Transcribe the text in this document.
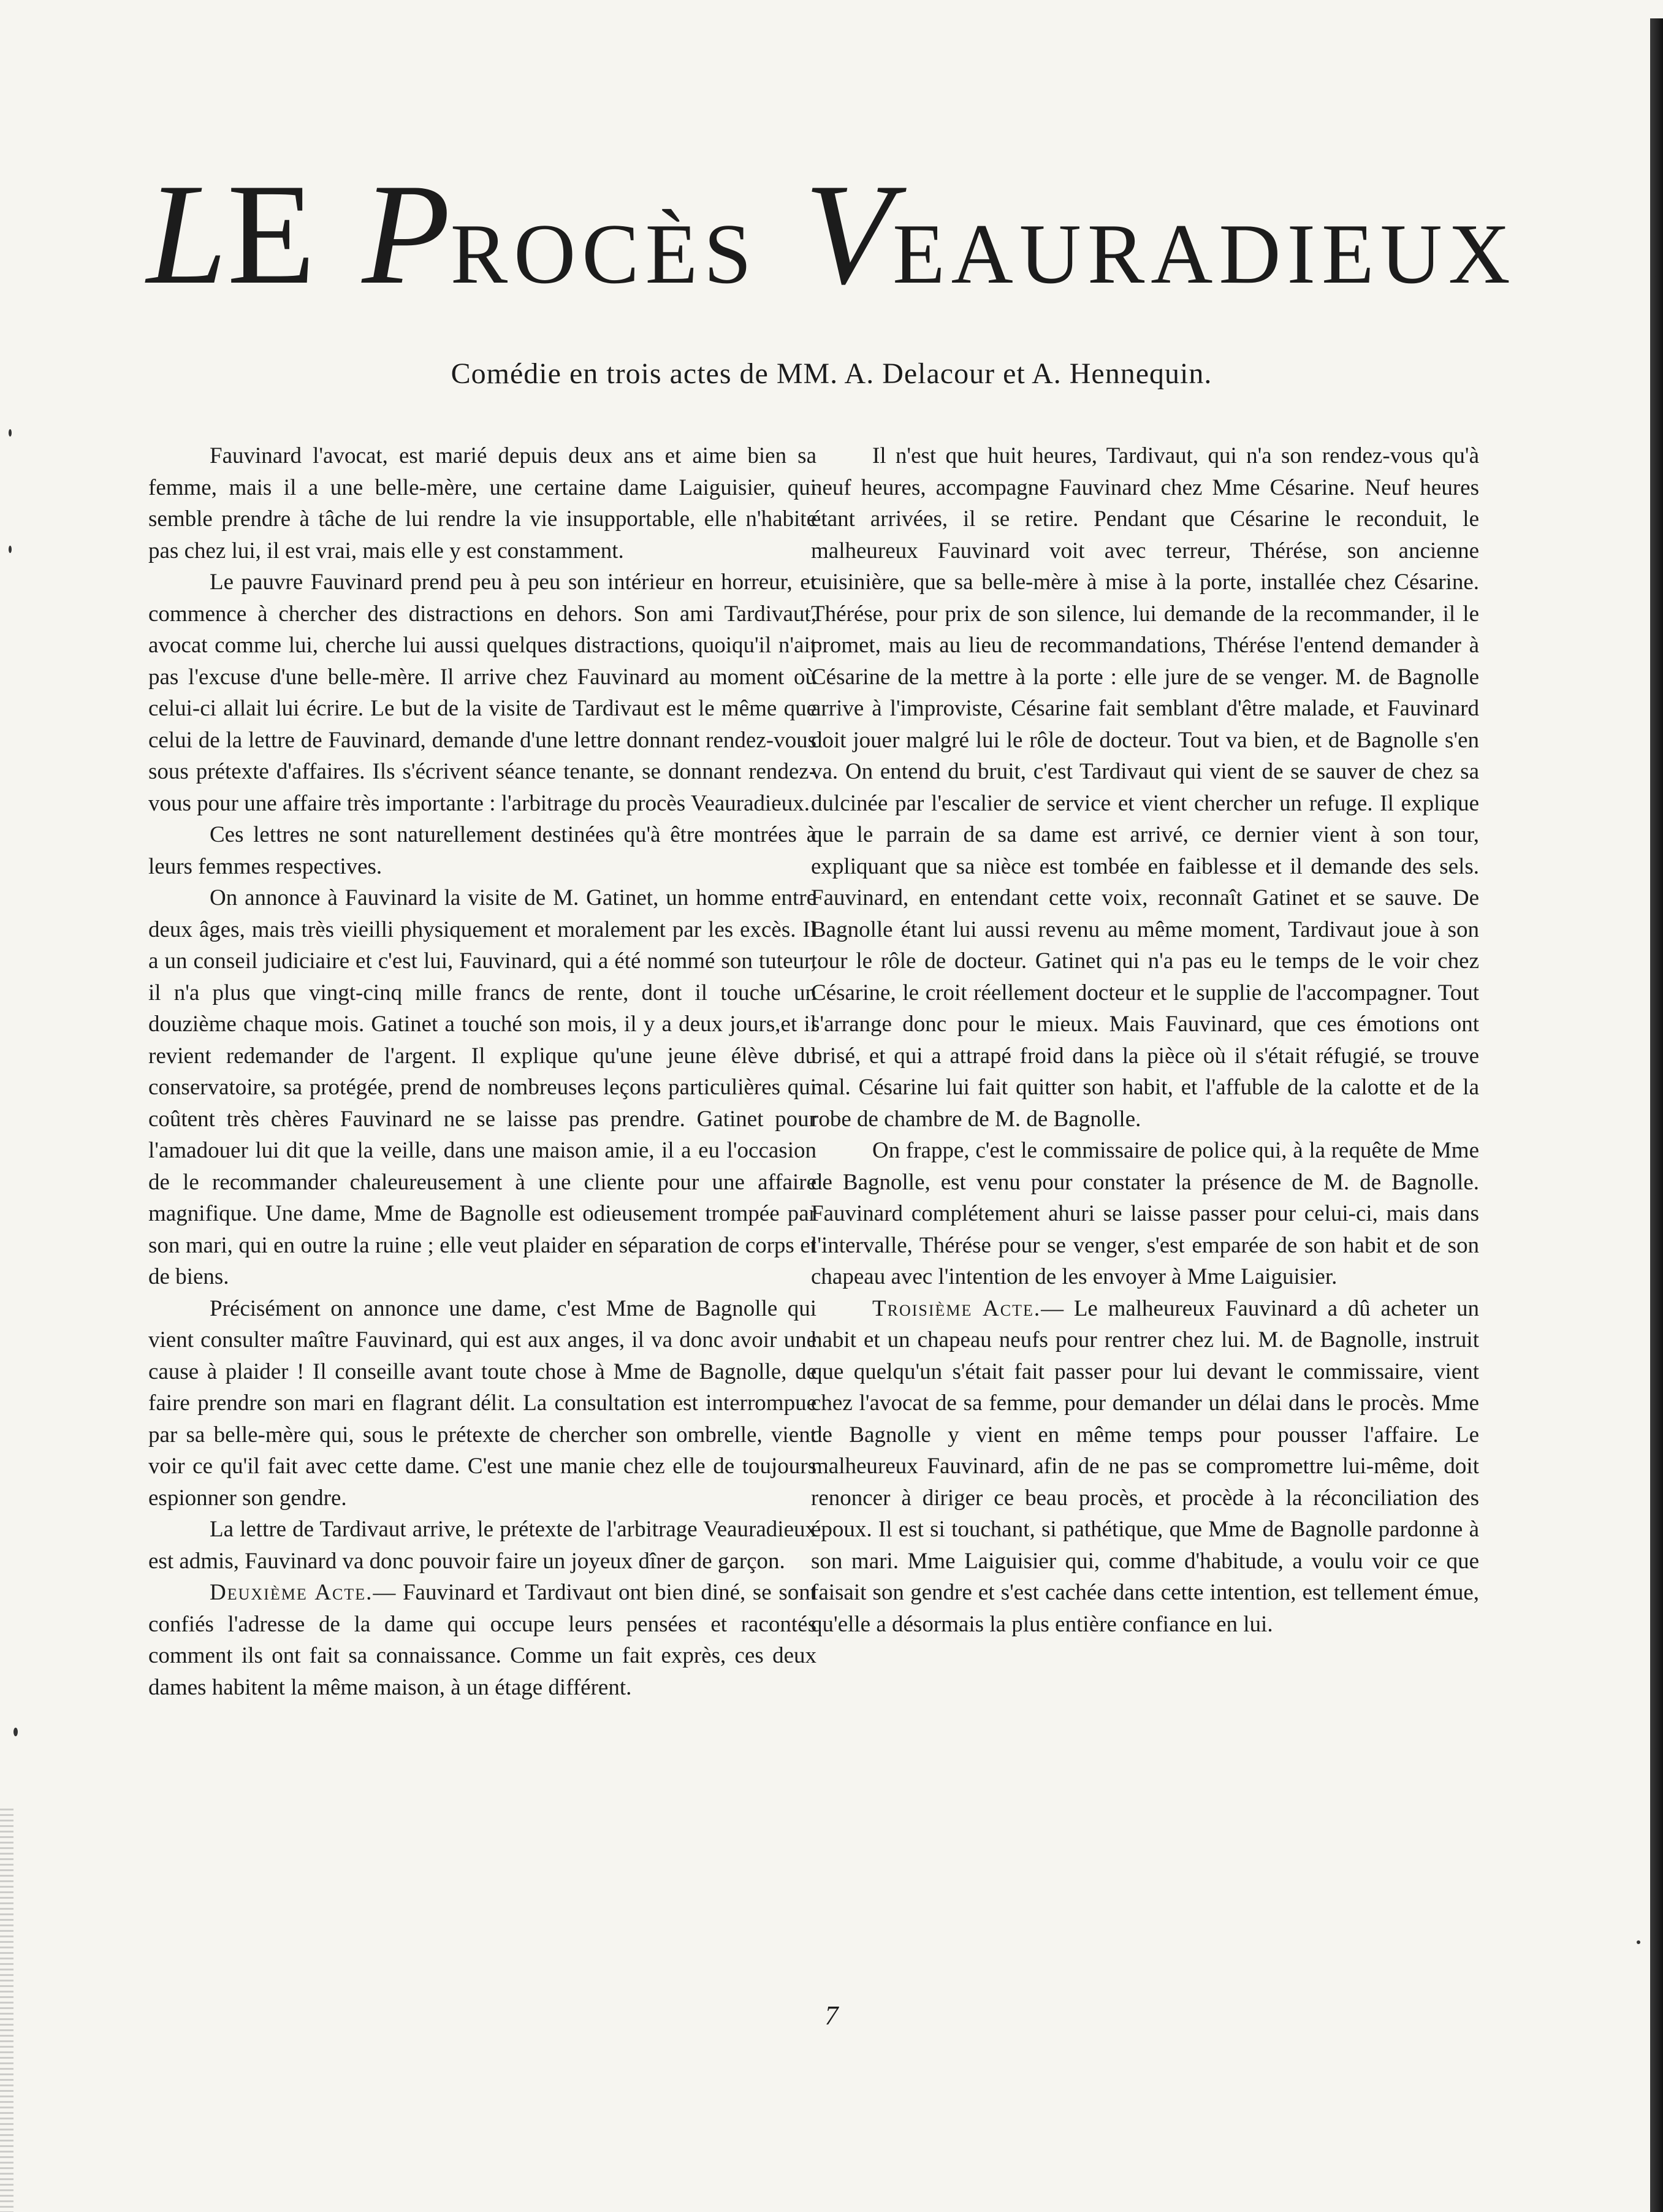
LE PROCÈS VEAURADIEUX
Comédie en trois actes de MM. A. Delacour et A. Hennequin.

Fauvinard l'avocat, est marié depuis deux ans et aime bien sa femme, mais il a une belle-mère, une certaine dame Laiguisier, qui semble prendre à tâche de lui rendre la vie insupportable, elle n'habite pas chez lui, il est vrai, mais elle y est constamment.

Le pauvre Fauvinard prend peu à peu son intérieur en horreur, et commence à chercher des distractions en dehors. Son ami Tardivaut, avocat comme lui, cherche lui aussi quelques distractions, quoiqu'il n'ait pas l'excuse d'une belle-mère. Il arrive chez Fauvinard au moment où celui-ci allait lui écrire. Le but de la visite de Tardivaut est le même que celui de la lettre de Fauvinard, demande d'une lettre donnant rendez-vous sous prétexte d'affaires. Ils s'écrivent séance tenante, se donnant rendez-vous pour une affaire très importante : l'arbitrage du procès Veauradieux.

Ces lettres ne sont naturellement destinées qu'à être montrées à leurs femmes respectives.

On annonce à Fauvinard la visite de M. Gatinet, un homme entre deux âges, mais très vieilli physiquement et moralement par les excès. Il a un conseil judiciaire et c'est lui, Fauvinard, qui a été nommé son tuteur, il n'a plus que vingt-cinq mille francs de rente, dont il touche un douzième chaque mois. Gatinet a touché son mois, il y a deux jours,et il revient redemander de l'argent. Il explique qu'une jeune élève du conservatoire, sa protégée, prend de nombreuses leçons particulières qui coûtent très chères Fauvinard ne se laisse pas prendre. Gatinet pour l'amadouer lui dit que la veille, dans une maison amie, il a eu l'occasion de le recommander chaleureusement à une cliente pour une affaire magnifique. Une dame, Mme de Bagnolle est odieusement trompée par son mari, qui en outre la ruine ; elle veut plaider en séparation de corps et de biens.

Précisément on annonce une dame, c'est Mme de Bagnolle qui vient consulter maître Fauvinard, qui est aux anges, il va donc avoir une cause à plaider ! Il conseille avant toute chose à Mme de Bagnolle, de faire prendre son mari en flagrant délit. La consultation est interrompue par sa belle-mère qui, sous le prétexte de chercher son ombrelle, vient voir ce qu'il fait avec cette dame. C'est une manie chez elle de toujours espionner son gendre.

La lettre de Tardivaut arrive, le prétexte de l'arbitrage Veauradieux est admis, Fauvinard va donc pouvoir faire un joyeux dîner de garçon.

Deuxième Acte.— Fauvinard et Tardivaut ont bien diné, se sont confiés l'adresse de la dame qui occupe leurs pensées et racontés comment ils ont fait sa connaissance. Comme un fait exprès, ces deux dames habitent la même maison, à un étage différent.

Il n'est que huit heures, Tardivaut, qui n'a son rendez-vous qu'à neuf heures, accompagne Fauvinard chez Mme Césarine. Neuf heures étant arrivées, il se retire. Pendant que Césarine le reconduit, le malheureux Fauvinard voit avec terreur, Thérése, son ancienne cuisinière, que sa belle-mère à mise à la porte, installée chez Césarine. Thérése, pour prix de son silence, lui demande de la recommander, il le promet, mais au lieu de recommandations, Thérése l'entend demander à Césarine de la mettre à la porte : elle jure de se venger. M. de Bagnolle arrive à l'improviste, Césarine fait semblant d'être malade, et Fauvinard doit jouer malgré lui le rôle de docteur. Tout va bien, et de Bagnolle s'en va. On entend du bruit, c'est Tardivaut qui vient de se sauver de chez sa dulcinée par l'escalier de service et vient chercher un refuge. Il explique que le parrain de sa dame est arrivé, ce dernier vient à son tour, expliquant que sa nièce est tombée en faiblesse et il demande des sels. Fauvinard, en entendant cette voix, reconnaît Gatinet et se sauve. De Bagnolle étant lui aussi revenu au même moment, Tardivaut joue à son tour le rôle de docteur. Gatinet qui n'a pas eu le temps de le voir chez Césarine, le croit réellement docteur et le supplie de l'accompagner. Tout s'arrange donc pour le mieux. Mais Fauvinard, que ces émotions ont brisé, et qui a attrapé froid dans la pièce où il s'était réfugié, se trouve mal. Césarine lui fait quitter son habit, et l'affuble de la calotte et de la robe de chambre de M. de Bagnolle.

On frappe, c'est le commissaire de police qui, à la requête de Mme de Bagnolle, est venu pour constater la présence de M. de Bagnolle. Fauvinard complétement ahuri se laisse passer pour celui-ci, mais dans l'intervalle, Thérése pour se venger, s'est emparée de son habit et de son chapeau avec l'intention de les envoyer à Mme Laiguisier.

Troisième Acte.— Le malheureux Fauvinard a dû acheter un habit et un chapeau neufs pour rentrer chez lui. M. de Bagnolle, instruit que quelqu'un s'était fait passer pour lui devant le commissaire, vient chez l'avocat de sa femme, pour demander un délai dans le procès. Mme de Bagnolle y vient en même temps pour pousser l'affaire. Le malheureux Fauvinard, afin de ne pas se compromettre lui-même, doit renoncer à diriger ce beau procès, et procède à la réconciliation des époux. Il est si touchant, si pathétique, que Mme de Bagnolle pardonne à son mari. Mme Laiguisier qui, comme d'habitude, a voulu voir ce que faisait son gendre et s'est cachée dans cette intention, est tellement émue, qu'elle a désormais la plus entière confiance en lui.

7
